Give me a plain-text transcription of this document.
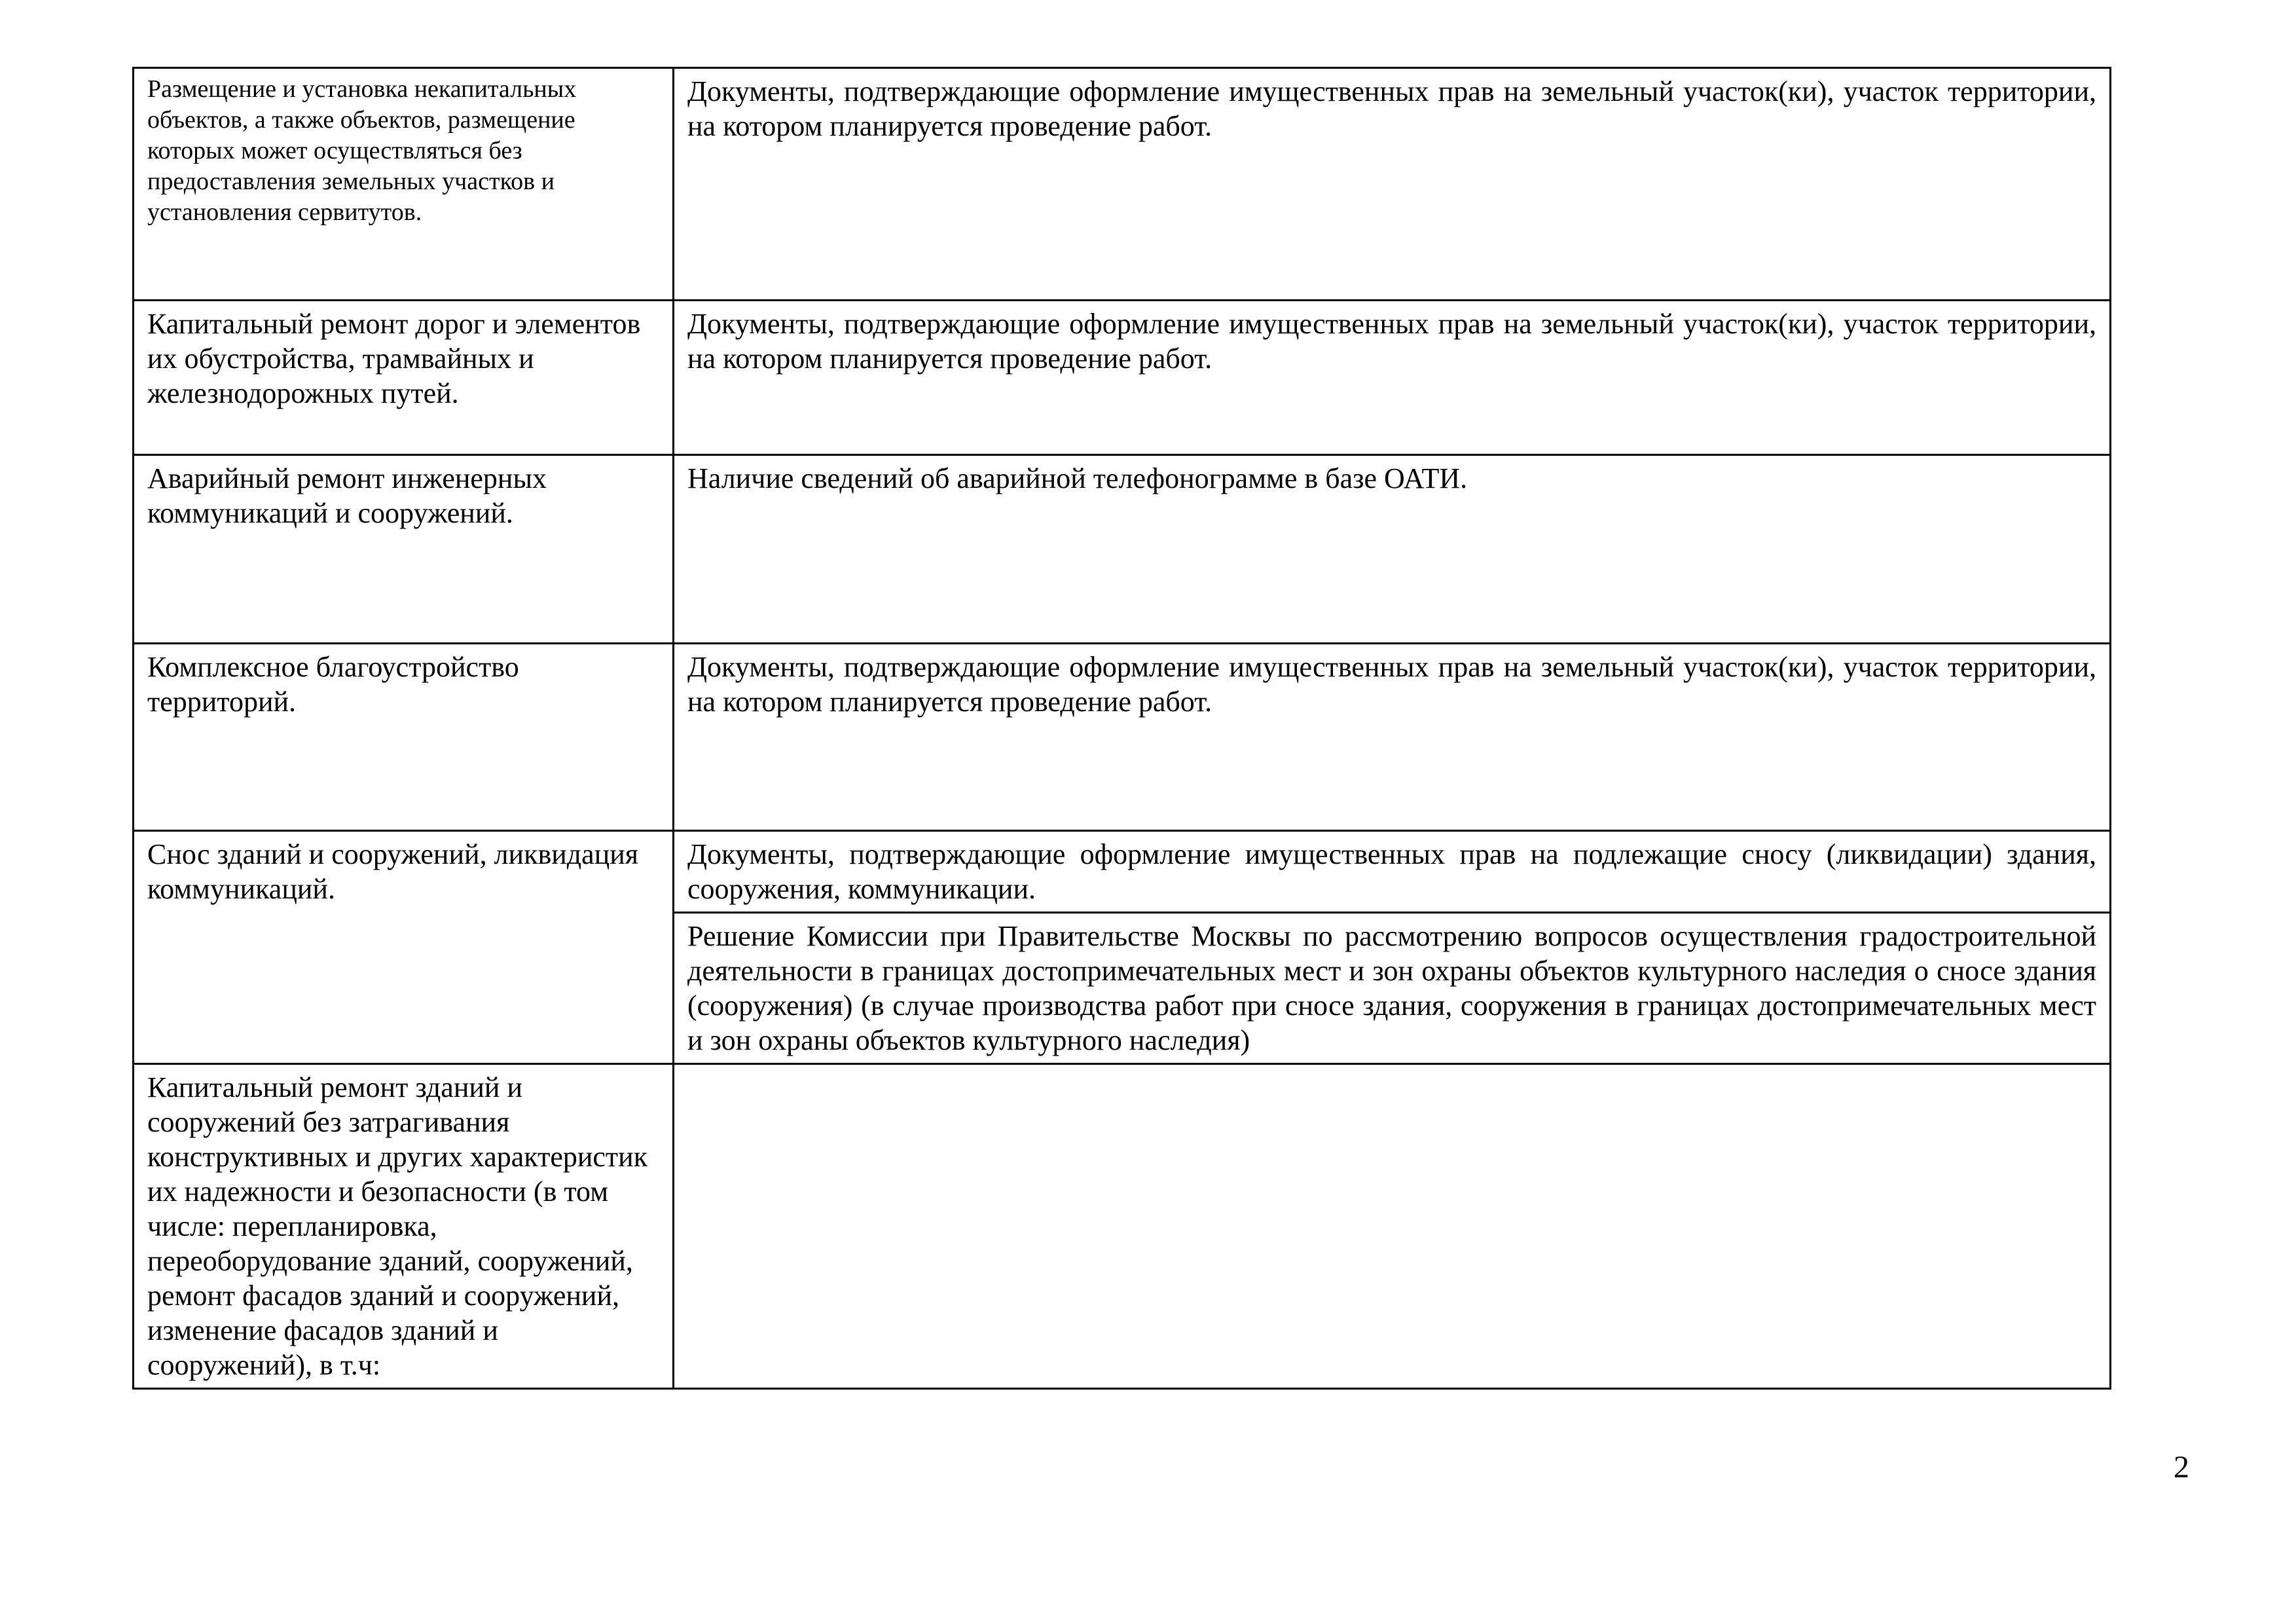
Размещение и установка некапитальных объектов, а также объектов, размещение которых может осуществляться без предоставления земельных участков и установления сервитутов.	Документы, подтверждающие оформление имущественных прав на земельный участок(ки), участок территории, на котором планируется проведение работ.
Капитальный ремонт дорог и элементов их обустройства, трамвайных и железнодорожных путей.	Документы, подтверждающие оформление имущественных прав на земельный участок(ки), участок территории, на котором планируется проведение работ.
Аварийный ремонт инженерных коммуникаций и сооружений.	Наличие сведений об аварийной телефонограмме в базе ОАТИ.
Комплексное благоустройство территорий.	Документы, подтверждающие оформление имущественных прав на земельный участок(ки), участок территории, на котором планируется проведение работ.
Снос зданий и сооружений, ликвидация коммуникаций.	Документы, подтверждающие оформление имущественных прав на подлежащие сносу (ликвидации) здания, сооружения, коммуникации.
	Решение Комиссии при Правительстве Москвы по рассмотрению вопросов осуществления градостроительной деятельности в границах достопримечательных мест и зон охраны объектов культурного наследия о сносе здания (сооружения) (в случае производства работ при сносе здания, сооружения в границах достопримечательных мест и зон охраны объектов культурного наследия)
Капитальный ремонт зданий и сооружений без затрагивания конструктивных и других характеристик их надежности и безопасности (в том числе: перепланировка, переоборудование зданий, сооружений, ремонт фасадов зданий и сооружений, изменение фасадов зданий и сооружений), в т.ч:	
2
